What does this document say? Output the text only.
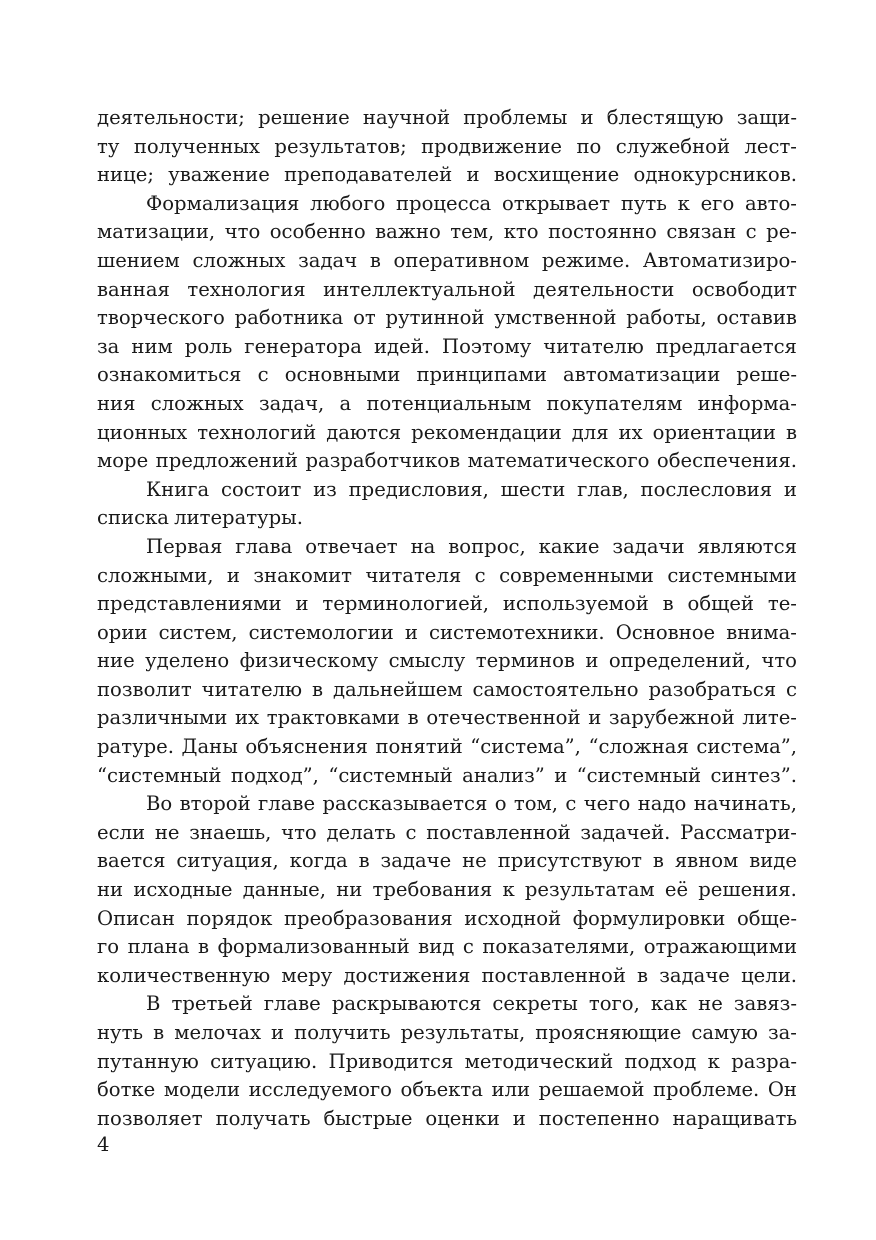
деятельности; решение научной проблемы и блестящую защи-
ту полученных результатов; продвижение по служебной лест-
нице; уважение преподавателей и восхищение однокурсников.
Формализация любого процесса открывает путь к его авто-
матизации, что особенно важно тем, кто постоянно связан с ре-
шением сложных задач в оперативном режиме. Автоматизиро-
ванная технология интеллектуальной деятельности освободит
творческого работника от рутинной умственной работы, оставив
за ним роль генератора идей. Поэтому читателю предлагается
ознакомиться с основными принципами автоматизации реше-
ния сложных задач, а потенциальным покупателям информа-
ционных технологий даются рекомендации для их ориентации в
море предложений разработчиков математического обеспечения.
Книга состоит из предисловия, шести глав, послесловия и
списка литературы.
Первая глава отвечает на вопрос, какие задачи являются
сложными, и знакомит читателя с современными системными
представлениями и терминологией, используемой в общей те-
ории систем, системологии и системотехники. Основное внима-
ние уделено физическому смыслу терминов и определений, что
позволит читателю в дальнейшем самостоятельно разобраться с
различными их трактовками в отечественной и зарубежной лите-
ратуре. Даны объяснения понятий “система”, “сложная система”,
“системный подход”, “системный анализ” и “системный синтез”.
Во второй главе рассказывается о том, с чего надо начинать,
если не знаешь, что делать с поставленной задачей. Рассматри-
вается ситуация, когда в задаче не присутствуют в явном виде
ни исходные данные, ни требования к результатам её решения.
Описан порядок преобразования исходной формулировки обще-
го плана в формализованный вид с показателями, отражающими
количественную меру достижения поставленной в задаче цели.
В третьей главе раскрываются секреты того, как не завяз-
нуть в мелочах и получить результаты, проясняющие самую за-
путанную ситуацию. Приводится методический подход к разра-
ботке модели исследуемого объекта или решаемой проблеме. Он
позволяет получать быстрые оценки и постепенно наращивать
4
